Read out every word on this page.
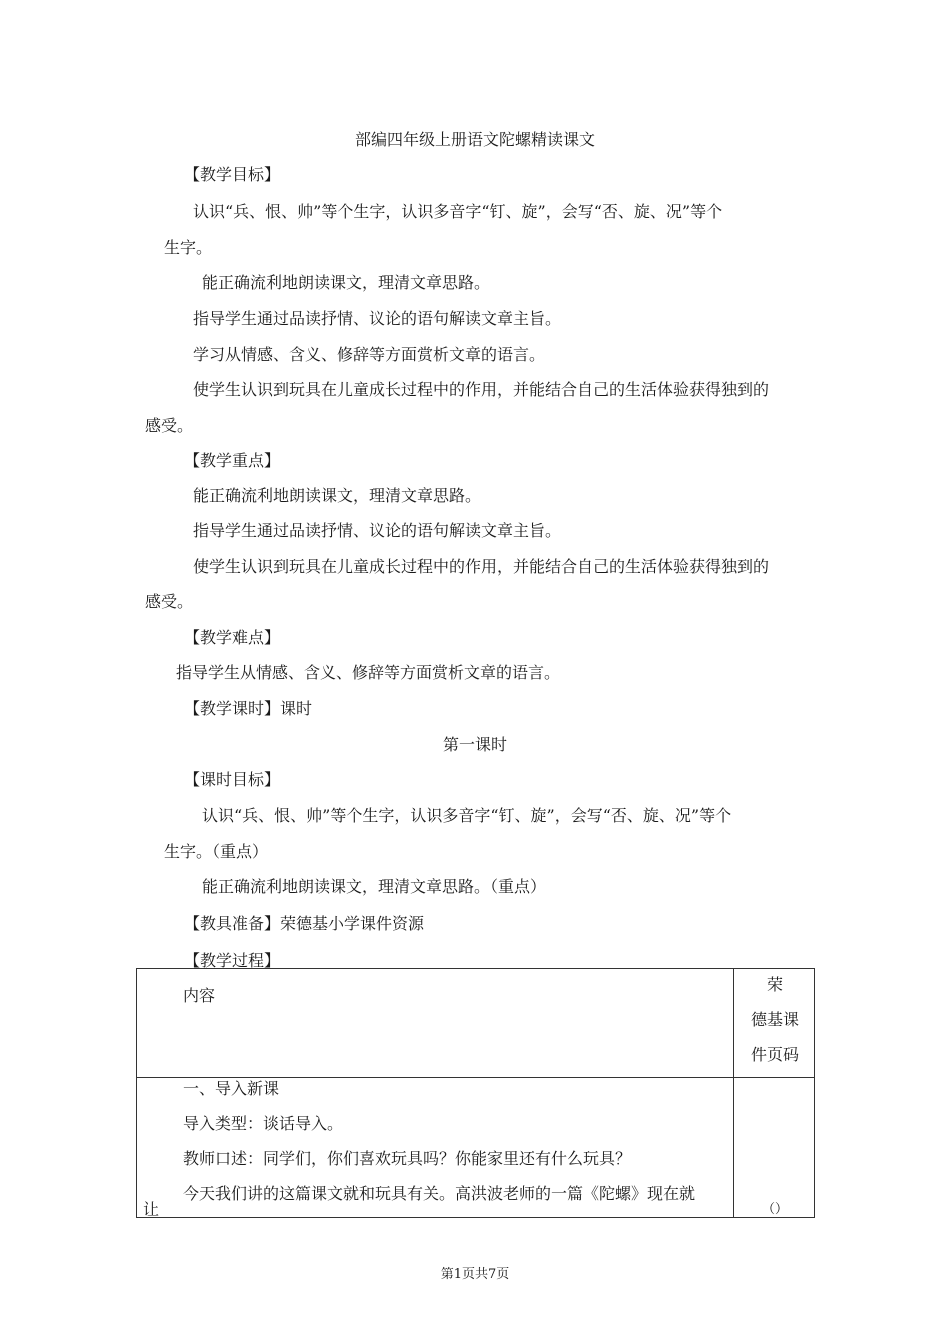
部编四年级上册语文陀螺精读课文
【教学目标】
认识“兵、恨、帅”等个生字，认识多音字“钉、旋”，会写“否、旋、况”等个
生字。
能正确流利地朗读课文，理清文章思路。
指导学生通过品读抒情、议论的语句解读文章主旨。
学习从情感、含义、修辞等方面赏析文章的语言。
使学生认识到玩具在儿童成长过程中的作用，并能结合自己的生活体验获得独到的
感受。
【教学重点】
能正确流利地朗读课文，理清文章思路。
指导学生通过品读抒情、议论的语句解读文章主旨。
使学生认识到玩具在儿童成长过程中的作用，并能结合自己的生活体验获得独到的
感受。
【教学难点】
指导学生从情感、含义、修辞等方面赏析文章的语言。
【教学课时】课时
第一课时
【课时目标】
认识“兵、恨、帅”等个生字，认识多音字“钉、旋”，会写“否、旋、况”等个
生字。（重点）
能正确流利地朗读课文，理清文章思路。（重点）
【教具准备】荣德基小学课件资源
【教学过程】
内容
荣
德基课
件页码
一、导入新课
导入类型：谈话导入。
教师口述：同学们，你们喜欢玩具吗？你能家里还有什么玩具？
今天我们讲的这篇课文就和玩具有关。高洪波老师的一篇《陀螺》现在就
让	（）
第1页共7页
